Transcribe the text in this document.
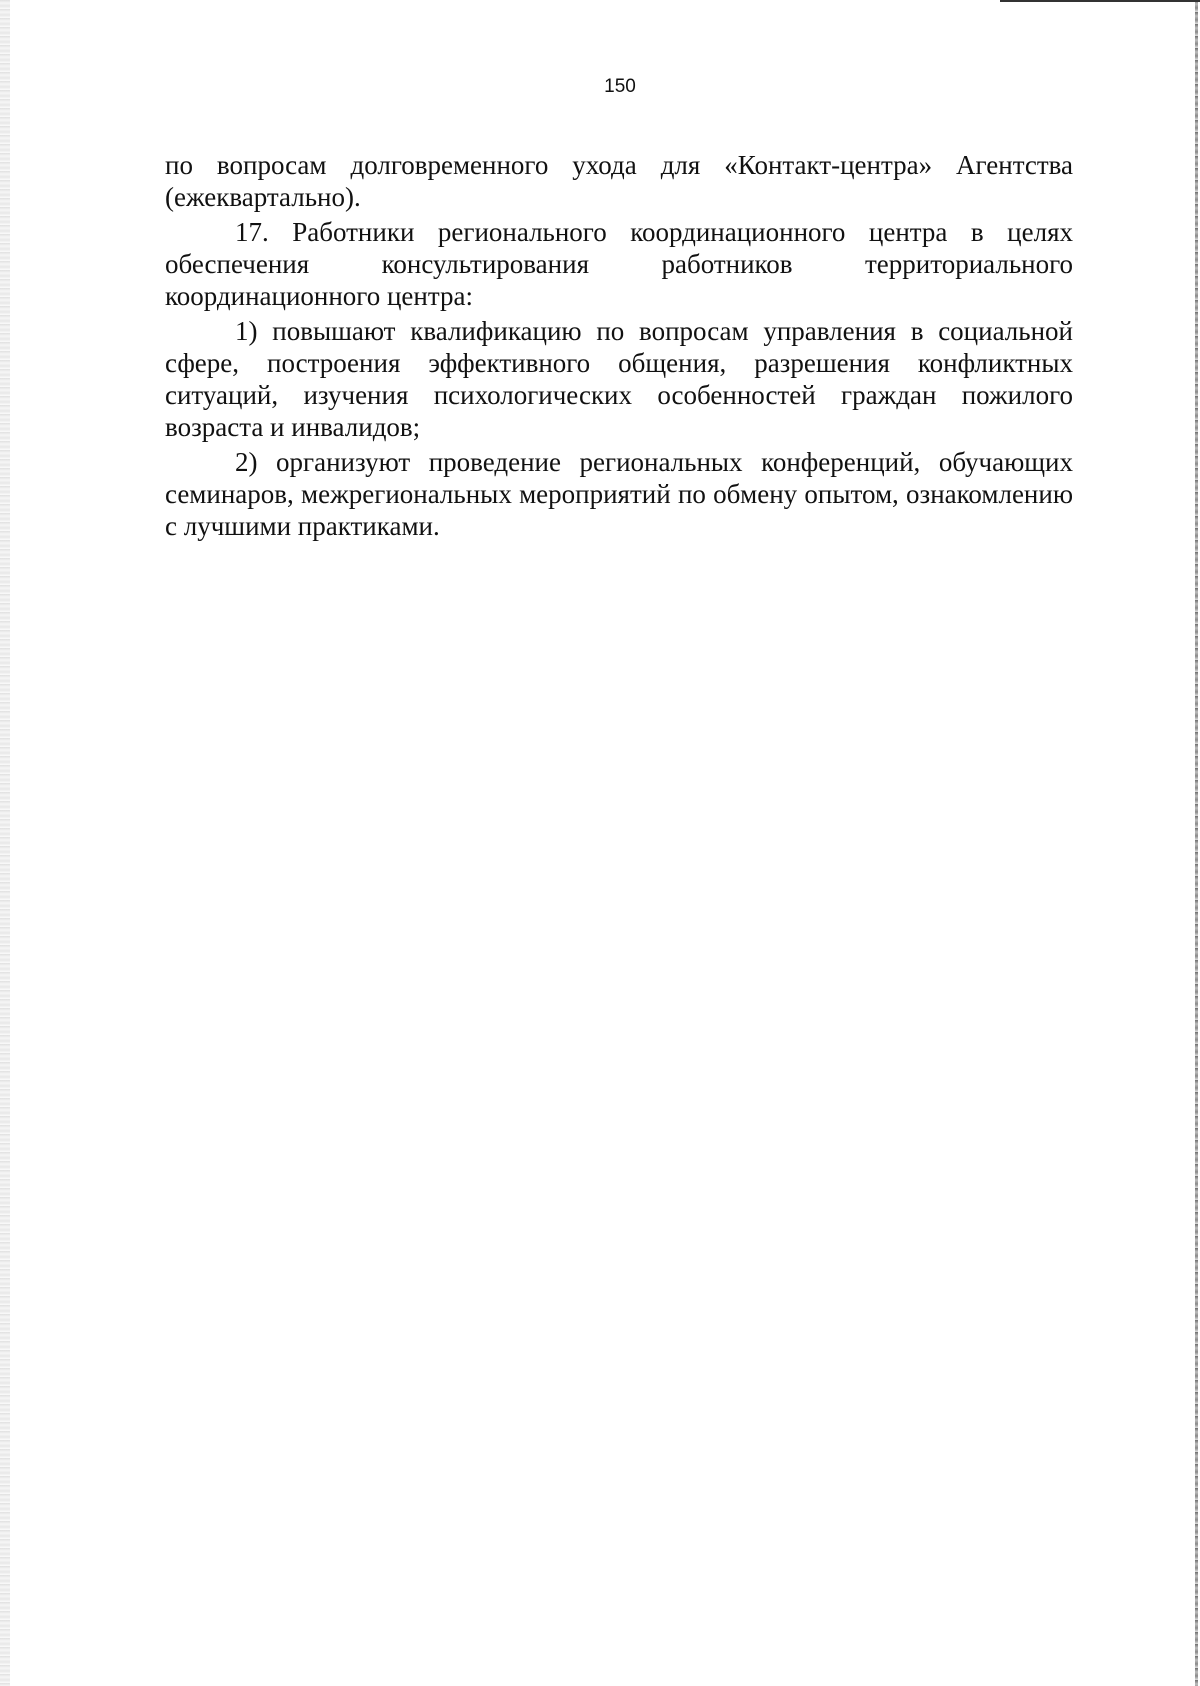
150

по вопросам долговременного ухода для «Контакт-центра» Агентства (ежеквартально).

17. Работники регионального координационного центра в целях обеспечения консультирования работников территориального координационного центра:

1) повышают квалификацию по вопросам управления в социальной сфере, построения эффективного общения, разрешения конфликтных ситуаций, изучения психологических особенностей граждан пожилого возраста и инвалидов;

2) организуют проведение региональных конференций, обучающих семинаров, межрегиональных мероприятий по обмену опытом, ознакомлению с лучшими практиками.
